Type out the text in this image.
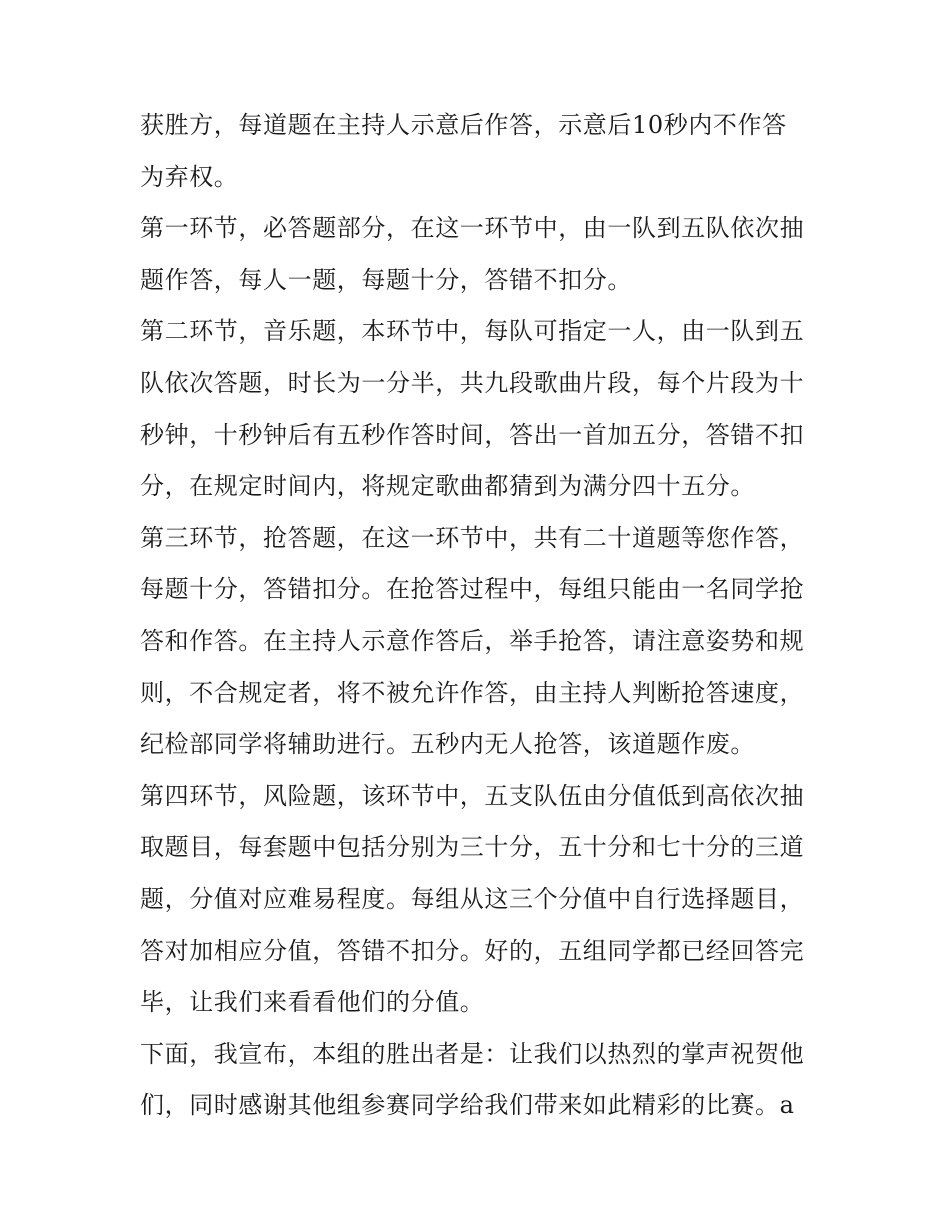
获胜方，每道题在主持人示意后作答，示意后10秒内不作答
为弃权。
第一环节，必答题部分，在这一环节中，由一队到五队依次抽
题作答，每人一题，每题十分，答错不扣分。
第二环节，音乐题，本环节中，每队可指定一人，由一队到五
队依次答题，时长为一分半，共九段歌曲片段，每个片段为十
秒钟，十秒钟后有五秒作答时间，答出一首加五分，答错不扣
分，在规定时间内，将规定歌曲都猜到为满分四十五分。
第三环节，抢答题，在这一环节中，共有二十道题等您作答，
每题十分，答错扣分。在抢答过程中，每组只能由一名同学抢
答和作答。在主持人示意作答后，举手抢答，请注意姿势和规
则，不合规定者，将不被允许作答，由主持人判断抢答速度，
纪检部同学将辅助进行。五秒内无人抢答，该道题作废。
第四环节，风险题，该环节中，五支队伍由分值低到高依次抽
取题目，每套题中包括分别为三十分，五十分和七十分的三道
题，分值对应难易程度。每组从这三个分值中自行选择题目，
答对加相应分值，答错不扣分。好的，五组同学都已经回答完
毕，让我们来看看他们的分值。
下面，我宣布，本组的胜出者是：让我们以热烈的掌声祝贺他
们，同时感谢其他组参赛同学给我们带来如此精彩的比赛。a
